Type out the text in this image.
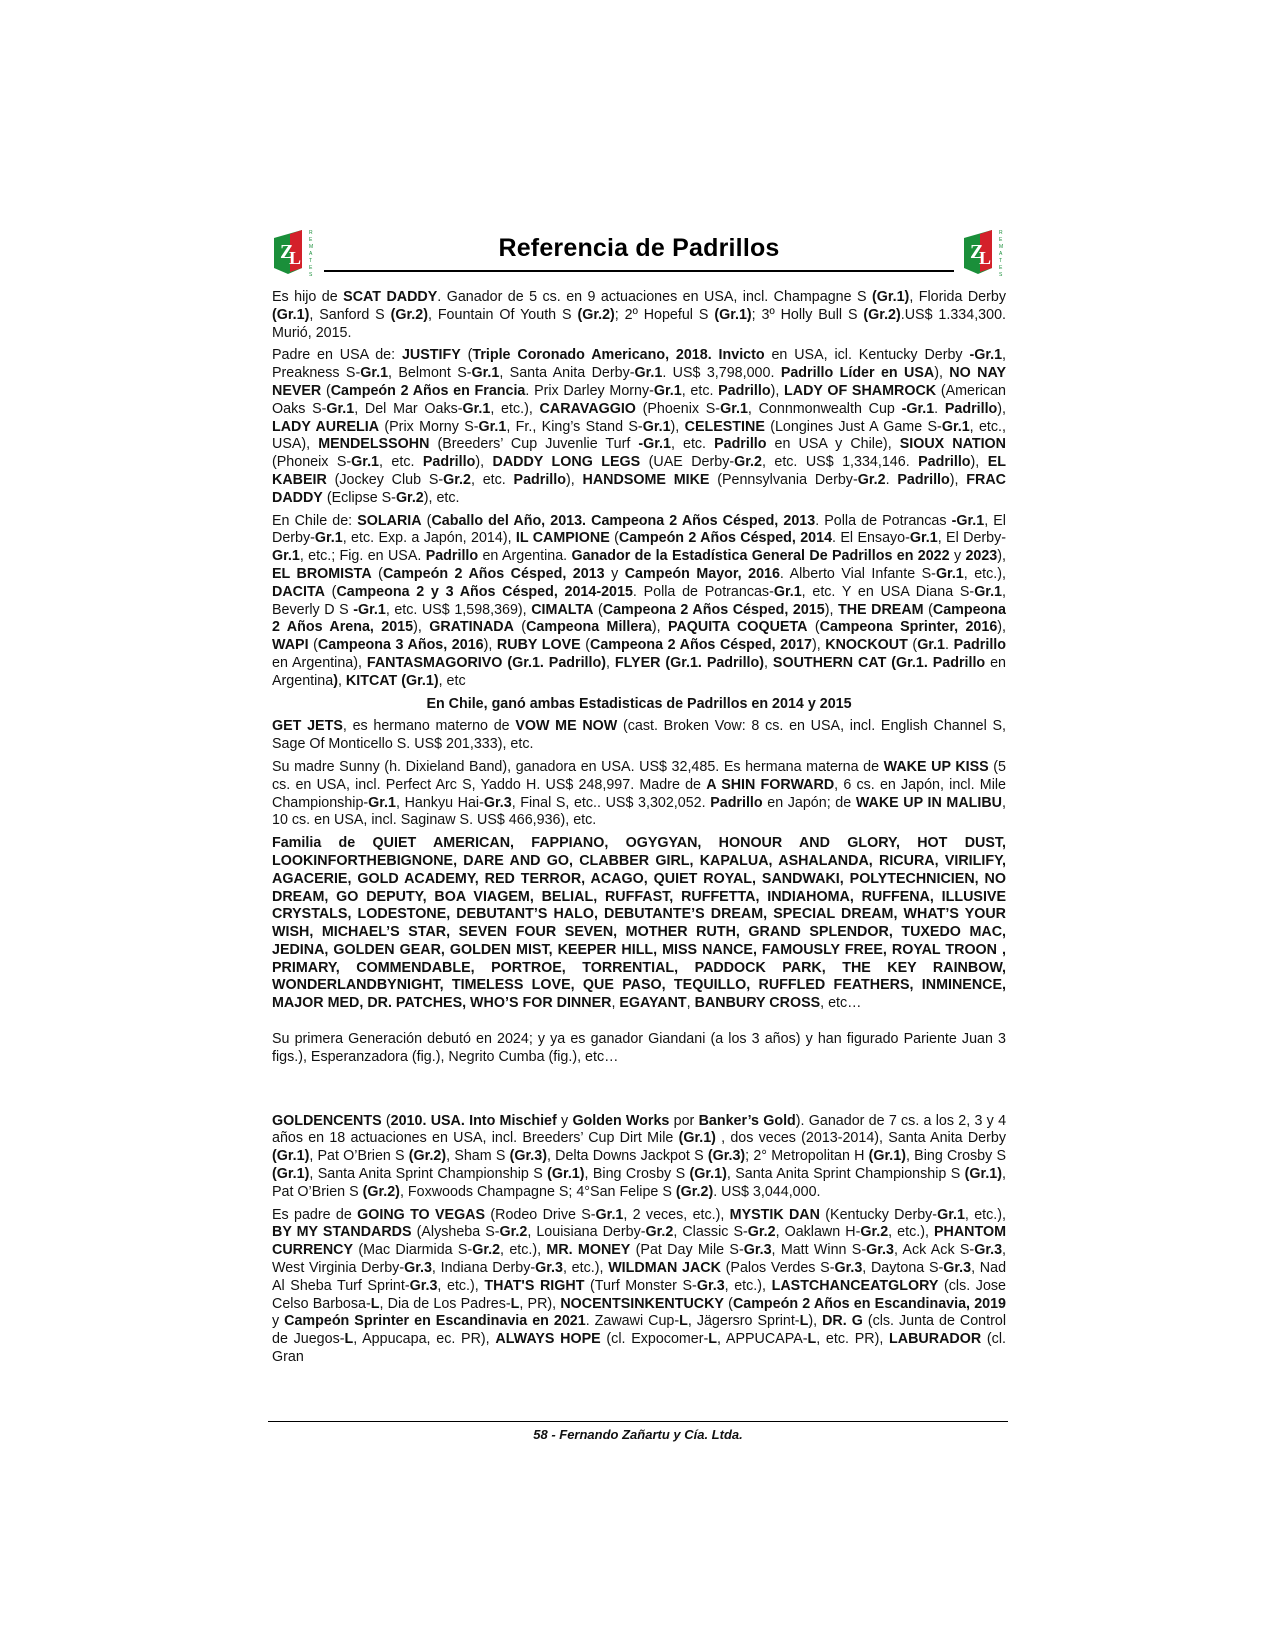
Z
L
R
E
M
A
T
E
S
Referencia de Padrillos	Z
L
R
E
M
A
T
E
S

Es hijo de SCAT DADDY. Ganador de 5 cs. en 9 actuaciones en USA, incl. Champagne S (Gr.1), Florida Derby (Gr.1), Sanford S (Gr.2), Fountain Of Youth S (Gr.2); 2º Hopeful S (Gr.1); 3º Holly Bull S (Gr.2).US$ 1.334,300. Murió, 2015.

Padre en USA de: JUSTIFY (Triple Coronado Americano, 2018. Invicto en USA, icl. Kentucky Derby -Gr.1, Preakness S-Gr.1, Belmont S-Gr.1, Santa Anita Derby-Gr.1. US$ 3,798,000. Padrillo Líder en USA), NO NAY NEVER (Campeón 2 Años en Francia. Prix Darley Morny-Gr.1, etc. Padrillo), LADY OF SHAMROCK (American Oaks S-Gr.1, Del Mar Oaks-Gr.1, etc.), CARAVAGGIO (Phoenix S-Gr.1, Connmonwealth Cup -Gr.1. Padrillo), LADY AURELIA (Prix Morny S-Gr.1, Fr., King’s Stand S-Gr.1), CELESTINE (Longines Just A Game S-Gr.1, etc., USA), MENDELSSOHN (Breeders’ Cup Juvenlie Turf -Gr.1, etc. Padrillo en USA y Chile), SIOUX NATION (Phoneix S-Gr.1, etc. Padrillo), DADDY LONG LEGS (UAE Derby-Gr.2, etc. US$ 1,334,146. Padrillo), EL KABEIR (Jockey Club S-Gr.2, etc. Padrillo), HANDSOME MIKE (Pennsylvania Derby-Gr.2. Padrillo), FRAC DADDY (Eclipse S-Gr.2), etc.

En Chile de: SOLARIA (Caballo del Año, 2013. Campeona 2 Años Césped, 2013. Polla de Potrancas -Gr.1, El Derby-Gr.1, etc. Exp. a Japón, 2014), IL CAMPIONE (Campeón 2 Años Césped, 2014. El Ensayo-Gr.1, El Derby-Gr.1, etc.; Fig. en USA. Padrillo en Argentina. Ganador de la Estadística General De Padrillos en 2022 y 2023), EL BROMISTA (Campeón 2 Años Césped, 2013 y Campeón Mayor, 2016. Alberto Vial Infante S-Gr.1, etc.), DACITA (Campeona 2 y 3 Años Césped, 2014-2015. Polla de Potrancas-Gr.1, etc. Y en USA Diana S-Gr.1, Beverly D S -Gr.1, etc. US$ 1,598,369), CIMALTA (Campeona 2 Años Césped, 2015), THE DREAM (Campeona 2 Años Arena, 2015), GRATINADA (Campeona Millera), PAQUITA COQUETA (Campeona Sprinter, 2016), WAPI (Campeona 3 Años, 2016), RUBY LOVE (Campeona 2 Años Césped, 2017), KNOCKOUT (Gr.1. Padrillo en Argentina), FANTASMAGORIVO (Gr.1. Padrillo), FLYER (Gr.1. Padrillo), SOUTHERN CAT (Gr.1. Padrillo en Argentina), KITCAT (Gr.1), etc

En Chile, ganó ambas Estadisticas de Padrillos en 2014 y 2015

GET JETS, es hermano materno de VOW ME NOW (cast. Broken Vow: 8 cs. en USA, incl. English Channel S, Sage Of Monticello S. US$ 201,333), etc.

Su madre Sunny (h. Dixieland Band), ganadora en USA. US$ 32,485. Es hermana materna de WAKE UP KISS (5 cs. en USA, incl. Perfect Arc S, Yaddo H. US$ 248,997. Madre de A SHIN FORWARD, 6 cs. en Japón, incl. Mile Championship-Gr.1, Hankyu Hai-Gr.3, Final S, etc.. US$ 3,302,052. Padrillo en Japón; de WAKE UP IN MALIBU, 10 cs. en USA, incl. Saginaw S. US$ 466,936), etc.

Familia de QUIET AMERICAN, FAPPIANO, OGYGYAN, HONOUR AND GLORY, HOT DUST, LOOKINFORTHEBIGNONE, DARE AND GO, CLABBER GIRL, KAPALUA, ASHALANDA, RICURA, VIRILIFY, AGACERIE, GOLD ACADEMY, RED TERROR, ACAGO, QUIET ROYAL, SANDWAKI, POLYTECHNICIEN, NO DREAM, GO DEPUTY, BOA VIAGEM, BELIAL, RUFFAST, RUFFETTA, INDIAHOMA, RUFFENA, ILLUSIVE CRYSTALS, LODESTONE, DEBUTANT’S HALO, DEBUTANTE’S DREAM, SPECIAL DREAM, WHAT’S YOUR WISH, MICHAEL’S STAR, SEVEN FOUR SEVEN, MOTHER RUTH, GRAND SPLENDOR, TUXEDO MAC, JEDINA, GOLDEN GEAR, GOLDEN MIST, KEEPER HILL, MISS NANCE, FAMOUSLY FREE, ROYAL TROON , PRIMARY, COMMENDABLE, PORTROE, TORRENTIAL, PADDOCK PARK, THE KEY RAINBOW, WONDERLANDBYNIGHT, TIMELESS LOVE, QUE PASO, TEQUILLO, RUFFLED FEATHERS, INMINENCE, MAJOR MED, DR. PATCHES, WHO’S FOR DINNER, EGAYANT, BANBURY CROSS, etc…

Su primera Generación debutó en 2024; y ya es ganador Giandani (a los 3 años) y han figurado Pariente Juan 3 figs.), Esperanzadora (fig.), Negrito Cumba (fig.), etc…

GOLDENCENTS (2010. USA. Into Mischief y Golden Works por Banker’s Gold). Ganador de 7 cs. a los 2, 3 y 4 años en 18 actuaciones en USA, incl. Breeders’ Cup Dirt Mile (Gr.1) , dos veces (2013-2014), Santa Anita Derby (Gr.1), Pat O’Brien S (Gr.2), Sham S (Gr.3), Delta Downs Jackpot S (Gr.3); 2° Metropolitan H (Gr.1), Bing Crosby S (Gr.1), Santa Anita Sprint Championship S (Gr.1), Bing Crosby S (Gr.1), Santa Anita Sprint Championship S (Gr.1), Pat O’Brien S (Gr.2), Foxwoods Champagne S; 4°San Felipe S (Gr.2). US$ 3,044,000.

Es padre de GOING TO VEGAS (Rodeo Drive S-Gr.1, 2 veces, etc.), MYSTIK DAN (Kentucky Derby-Gr.1, etc.), BY MY STANDARDS (Alysheba S-Gr.2, Louisiana Derby-Gr.2, Classic S-Gr.2, Oaklawn H-Gr.2, etc.), PHANTOM CURRENCY (Mac Diarmida S-Gr.2, etc.), MR. MONEY (Pat Day Mile S-Gr.3, Matt Winn S-Gr.3, Ack Ack S-Gr.3, West Virginia Derby-Gr.3, Indiana Derby-Gr.3, etc.), WILDMAN JACK (Palos Verdes S-Gr.3, Daytona S-Gr.3, Nad Al Sheba Turf Sprint-Gr.3, etc.), THAT'S RIGHT (Turf Monster S-Gr.3, etc.), LASTCHANCEATGLORY (cls. Jose Celso Barbosa-L, Dia de Los Padres-L, PR), NOCENTSINKENTUCKY (Campeón 2 Años en Escandinavia, 2019 y Campeón Sprinter en Escandinavia en 2021. Zawawi Cup-L, Jägersro Sprint-L), DR. G (cls. Junta de Control de Juegos-L, Appucapa, ec. PR), ALWAYS HOPE (cl. Expocomer-L, APPUCAPA-L, etc. PR), LABURADOR (cl. Gran

58 - Fernando Zañartu y Cía. Ltda.
